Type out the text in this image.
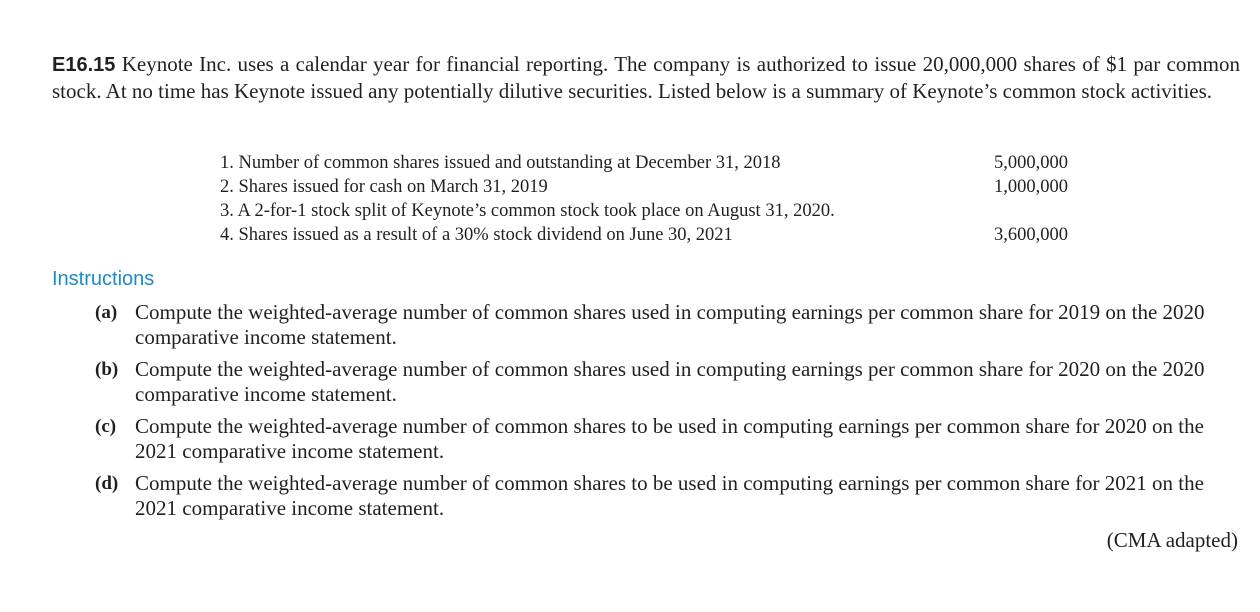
E16.15 Keynote Inc. uses a calendar year for financial reporting. The company is authorized to issue 20,000,000 shares of $1 par common stock. At no time has Keynote issued any potentially dilutive securities. Listed below is a summary of Keynote’s common stock activities.

1. Number of common shares issued and outstanding at December 31, 2018	5,000,000
2. Shares issued for cash on March 31, 2019	1,000,000
3. A 2-for-1 stock split of Keynote’s common stock took place on August 31, 2020.
4. Shares issued as a result of a 30% stock dividend on June 30, 2021	3,600,000
Instructions
(a) Compute the weighted-average number of common shares used in computing earnings per common share for 2019 on the 2020 comparative income statement.
(b) Compute the weighted-average number of common shares used in computing earnings per common share for 2020 on the 2020 comparative income statement.
(c) Compute the weighted-average number of common shares to be used in computing earnings per common share for 2020 on the 2021 comparative income statement.
(d) Compute the weighted-average number of common shares to be used in computing earnings per common share for 2021 on the 2021 comparative income statement.
(CMA adapted)
